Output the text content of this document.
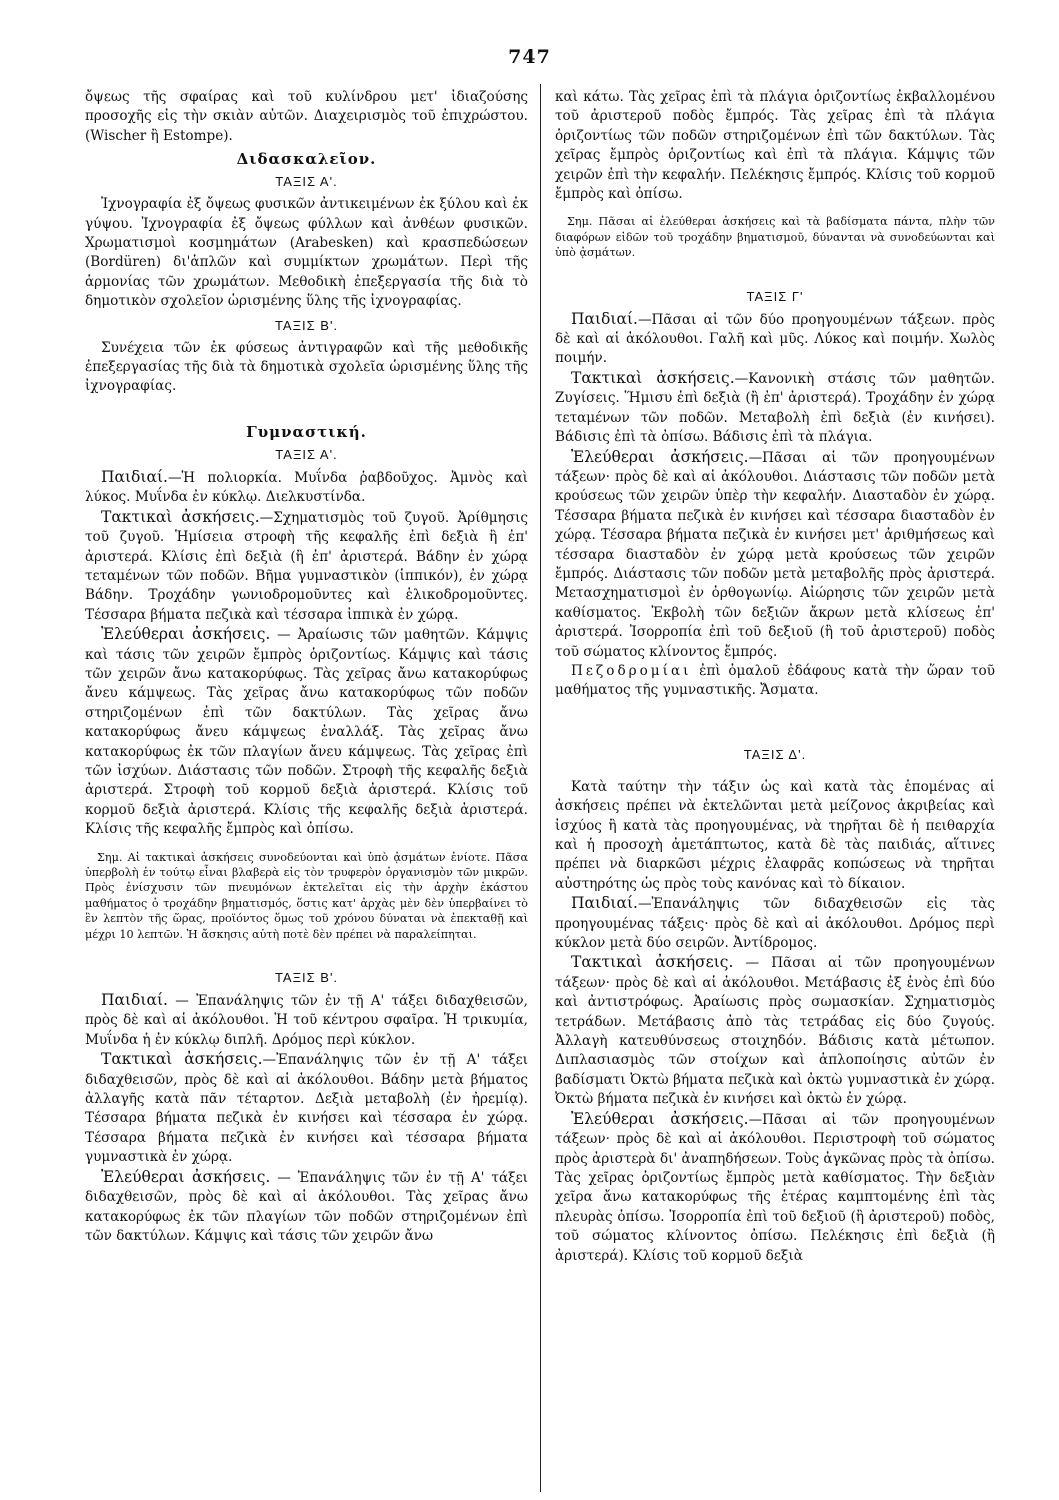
747

ὄψεως τῆς σφαίρας καὶ τοῦ κυλίνδρου μετ' ἰδιαζούσης προσοχῆς εἰς τὴν σκιὰν αὐτῶν. Διαχειρισμὸς τοῦ ἐπιχρώστου. (Wischer ἢ Estompe).

Διδασκαλεῖον.
ΤΑΞΙΣ Α'.

Ἰχνογραφία ἐξ ὄψεως φυσικῶν ἀντικειμένων ἐκ ξύλου καὶ ἐκ γύψου. Ἰχνογραφία ἐξ ὄψεως φύλλων καὶ ἀνθέων φυσικῶν. Χρωματισμοὶ κοσμημάτων (Arabesken) καὶ κρασπεδώσεων (Bordüren) δι'ἁπλῶν καὶ συμμίκτων χρωμάτων. Περὶ τῆς ἁρμονίας τῶν χρωμάτων. Μεθοδικὴ ἐπεξεργασία τῆς διὰ τὸ δημοτικὸν σχολεῖον ὡρισμένης ὕλης τῆς ἰχνογραφίας.

ΤΑΞΙΣ Β'.

Συνέχεια τῶν ἐκ φύσεως ἀντιγραφῶν καὶ τῆς μεθοδικῆς ἐπεξεργασίας τῆς διὰ τὰ δημοτικὰ σχολεῖα ὡρισμένης ὕλης τῆς ἰχνογραφίας.

Γυμναστική.
ΤΑΞΙΣ Α'.

Παιδιαί.—Ἡ πολιορκία. Μυΐνδα ῥαβδοῦχος. Ἀμνὸς καὶ λύκος. Μυΐνδα ἐν κύκλῳ. Διελκυστίνδα.

Τακτικαὶ ἀσκήσεις.—Σχηματισμὸς τοῦ ζυγοῦ. Ἀρίθμησις τοῦ ζυγοῦ. Ἡμίσεια στροφὴ τῆς κεφαλῆς ἐπὶ δεξιὰ ἢ ἐπ' ἀριστερά. Κλίσις ἐπὶ δεξιὰ (ἢ ἐπ' ἀριστερά. Βάδην ἐν χώρᾳ τεταμένων τῶν ποδῶν. Βῆμα γυμναστικὸν (ἱππικόν), ἐν χώρᾳ Βάδην. Τροχάδην γωνιοδρομοῦντες καὶ ἑλικοδρομοῦντες. Τέσσαρα βήματα πεζικὰ καὶ τέσσαρα ἱππικὰ ἐν χώρᾳ.

Ἐλεύθεραι ἀσκήσεις. — Ἀραίωσις τῶν μαθητῶν. Κάμψις καὶ τάσις τῶν χειρῶν ἔμπρὸς ὁριζοντίως. Κάμψις καὶ τάσις τῶν χειρῶν ἄνω κατακορύφως. Τὰς χεῖρας ἄνω κατακορύφως ἄνευ κάμψεως. Τὰς χεῖρας ἄνω κατακορύφως τῶν ποδῶν στηριζομένων ἐπὶ τῶν δακτύλων. Τὰς χεῖρας ἄνω κατακορύφως ἄνευ κάμψεως ἐναλλάξ. Τὰς χεῖρας ἄνω κατακορύφως ἐκ τῶν πλαγίων ἄνευ κάμψεως. Τὰς χεῖρας ἐπὶ τῶν ἰσχύων. Διάστασις τῶν ποδῶν. Στροφὴ τῆς κεφαλῆς δεξιὰ ἀριστερά. Στροφὴ τοῦ κορμοῦ δεξιὰ ἀριστερά. Κλίσις τοῦ κορμοῦ δεξιὰ ἀριστερά. Κλίσις τῆς κεφαλῆς δεξιὰ ἀριστερά. Κλίσις τῆς κεφαλῆς ἔμπρὸς καὶ ὀπίσω.

Σημ. Αἱ τακτικαὶ ἀσκήσεις συνοδεύονται καὶ ὑπὸ ᾀσμάτων ἐνίοτε. Πᾶσα ὑπερβολὴ ἐν τούτῳ εἶναι βλαβερὰ εἰς τὸν τρυφερὸν ὀργανισμὸν τῶν μικρῶν. Πρὸς ἐνίσχυσιν τῶν πνευμόνων ἐκτελεῖται εἰς τὴν ἀρχὴν ἑκάστου μαθήματος ὁ τροχάδην βηματισμός, ὅστις κατ' ἀρχὰς μὲν δὲν ὑπερβαίνει τὸ ἓν λεπτὸν τῆς ὥρας, προϊόντος ὅμως τοῦ χρόνου δύναται νὰ ἐπεκταθῇ καὶ μέχρι 10 λεπτῶν. Ἡ ἄσκησις αὐτὴ ποτὲ δὲν πρέπει νὰ παραλείπηται.

ΤΑΞΙΣ Β'.

Παιδιαί. — Ἐπανάληψις τῶν ἐν τῇ Α' τάξει διδαχθεισῶν, πρὸς δὲ καὶ αἱ ἀκόλουθοι. Ἡ τοῦ κέντρου σφαῖρα. Ἡ τρικυμία, Μυΐνδα ἡ ἐν κύκλῳ διπλῆ. Δρόμος περὶ κύκλον.

Τακτικαὶ ἀσκήσεις.—Ἐπανάληψις τῶν ἐν τῇ Α' τάξει διδαχθεισῶν, πρὸς δὲ καὶ αἱ ἀκόλουθοι. Βάδην μετὰ βήματος ἀλλαγῆς κατὰ πᾶν τέταρτον. Δεξιὰ μεταβολὴ (ἐν ἠρεμίᾳ). Τέσσαρα βήματα πεζικὰ ἐν κινήσει καὶ τέσσαρα ἐν χώρᾳ. Τέσσαρα βήματα πεζικὰ ἐν κινήσει καὶ τέσσαρα βήματα γυμναστικὰ ἐν χώρᾳ.

Ἐλεύθεραι ἀσκήσεις. — Ἐπανάληψις τῶν ἐν τῇ Α' τάξει διδαχθεισῶν, πρὸς δὲ καὶ αἱ ἀκόλουθοι. Τὰς χεῖρας ἄνω κατακορύφως ἐκ τῶν πλαγίων τῶν ποδῶν στηριζομένων ἐπὶ τῶν δακτύλων. Κάμψις καὶ τάσις τῶν χειρῶν ἄνω

καὶ κάτω. Τὰς χεῖρας ἐπὶ τὰ πλάγια ὁριζοντίως ἐκβαλλομένου τοῦ ἀριστεροῦ ποδὸς ἔμπρός. Τὰς χεῖρας ἐπὶ τὰ πλάγια ὁριζοντίως τῶν ποδῶν στηριζομένων ἐπὶ τῶν δακτύλων. Τὰς χεῖρας ἔμπρὸς ὁριζοντίως καὶ ἐπὶ τὰ πλάγια. Κάμψις τῶν χειρῶν ἐπὶ τὴν κεφαλήν. Πελέκησις ἔμπρός. Κλίσις τοῦ κορμοῦ ἔμπρὸς καὶ ὀπίσω.

Σημ. Πᾶσαι αἱ ἐλεύθεραι ἀσκήσεις καὶ τὰ βαδίσματα πάντα, πλὴν τῶν διαφόρων εἰδῶν τοῦ τροχάδην βηματισμοῦ, δύνανται νὰ συνοδεύωνται καὶ ὑπὸ ᾀσμάτων.

ΤΑΞΙΣ Γ'

Παιδιαί.—Πᾶσαι αἱ τῶν δύο προηγουμένων τάξεων. πρὸς δὲ καὶ αἱ ἀκόλουθοι. Γαλῆ καὶ μῦς. Λύκος καὶ ποιμήν. Χωλὸς ποιμήν.

Τακτικαὶ ἀσκήσεις.—Κανονικὴ στάσις τῶν μαθητῶν. Ζυγίσεις. Ἥμισυ ἐπὶ δεξιὰ (ἢ ἐπ' ἀριστερά). Τροχάδην ἐν χώρᾳ τεταμένων τῶν ποδῶν. Μεταβολὴ ἐπὶ δεξιὰ (ἐν κινήσει). Βάδισις ἐπὶ τὰ ὀπίσω. Βάδισις ἐπὶ τὰ πλάγια.

Ἐλεύθεραι ἀσκήσεις.—Πᾶσαι αἱ τῶν προηγουμένων τάξεων· πρὸς δὲ καὶ αἱ ἀκόλουθοι. Διάστασις τῶν ποδῶν μετὰ κρούσεως τῶν χειρῶν ὑπὲρ τὴν κεφαλήν. Διασταδὸν ἐν χώρᾳ. Τέσσαρα βήματα πεζικὰ ἐν κινήσει καὶ τέσσαρα διασταδὸν ἐν χώρᾳ. Τέσσαρα βήματα πεζικὰ ἐν κινήσει μετ' ἀριθμήσεως καὶ τέσσαρα διασταδὸν ἐν χώρᾳ μετὰ κρούσεως τῶν χειρῶν ἔμπρός. Διάστασις τῶν ποδῶν μετὰ μεταβολῆς πρὸς ἀριστερά. Μετασχηματισμοὶ ἐν ὀρθογωνίῳ. Αἰώρησις τῶν χειρῶν μετὰ καθίσματος. Ἐκβολὴ τῶν δεξιῶν ἄκρων μετὰ κλίσεως ἐπ' ἀριστερά. Ἰσορροπία ἐπὶ τοῦ δεξιοῦ (ἢ τοῦ ἀριστεροῦ) ποδὸς τοῦ σώματος κλίνοντος ἔμπρός.

Πεζοδρομίαι ἐπὶ ὁμαλοῦ ἐδάφους κατὰ τὴν ὥραν τοῦ μαθήματος τῆς γυμναστικῆς. Ἄσματα.

ΤΑΞΙΣ Δ'.

Κατὰ ταύτην τὴν τάξιν ὡς καὶ κατὰ τὰς ἑπομένας αἱ ἀσκήσεις πρέπει νὰ ἐκτελῶνται μετὰ μείζονος ἀκριβείας καὶ ἰσχύος ἢ κατὰ τὰς προηγουμένας, νὰ τηρῆται δὲ ἡ πειθαρχία καὶ ἡ προσοχὴ ἀμετάπτωτος, κατὰ δὲ τὰς παιδιάς, αἵτινες πρέπει νὰ διαρκῶσι μέχρις ἐλαφρᾶς κοπώσεως νὰ τηρῆται αὐστηρότης ὡς πρὸς τοὺς κανόνας καὶ τὸ δίκαιον.

Παιδιαί.—Ἐπανάληψις τῶν διδαχθεισῶν εἰς τὰς προηγουμένας τάξεις· πρὸς δὲ καὶ αἱ ἀκόλουθοι. Δρόμος περὶ κύκλον μετὰ δύο σειρῶν. Ἀντίδρομος.

Τακτικαὶ ἀσκήσεις. — Πᾶσαι αἱ τῶν προηγουμένων τάξεων· πρὸς δὲ καὶ αἱ ἀκόλουθοι. Μετάβασις ἐξ ἑνὸς ἐπὶ δύο καὶ ἀντιστρόφως. Ἀραίωσις πρὸς σωμασκίαν. Σχηματισμὸς τετράδων. Μετάβασις ἀπὸ τὰς τετράδας εἰς δύο ζυγούς. Ἀλλαγὴ κατευθύνσεως στοιχηδόν. Βάδισις κατὰ μέτωπον. Διπλασιασμὸς τῶν στοίχων καὶ ἁπλοποίησις αὐτῶν ἐν βαδίσματι Ὀκτὼ βήματα πεζικὰ καὶ ὀκτὼ γυμναστικὰ ἐν χώρᾳ. Ὀκτὼ βήματα πεζικὰ ἐν κινήσει καὶ ὀκτὼ ἐν χώρᾳ.

Ἐλεύθεραι ἀσκήσεις.—Πᾶσαι αἱ τῶν προηγουμένων τάξεων· πρὸς δὲ καὶ αἱ ἀκόλουθοι. Περιστροφὴ τοῦ σώματος πρὸς ἀριστερὰ δι' ἀναπηδήσεων. Τοὺς ἀγκῶνας πρὸς τὰ ὀπίσω. Τὰς χεῖρας ὁριζοντίως ἔμπρὸς μετὰ καθίσματος. Τὴν δεξιὰν χεῖρα ἄνω κατακορύφως τῆς ἑτέρας καμπτομένης ἐπὶ τὰς πλευρὰς ὀπίσω. Ἰσορροπία ἐπὶ τοῦ δεξιοῦ (ἢ ἀριστεροῦ) ποδὸς, τοῦ σώματος κλίνοντος ὀπίσω. Πελέκησις ἐπὶ δεξιὰ (ἢ ἀριστερά). Κλίσις τοῦ κορμοῦ δεξιὰ
